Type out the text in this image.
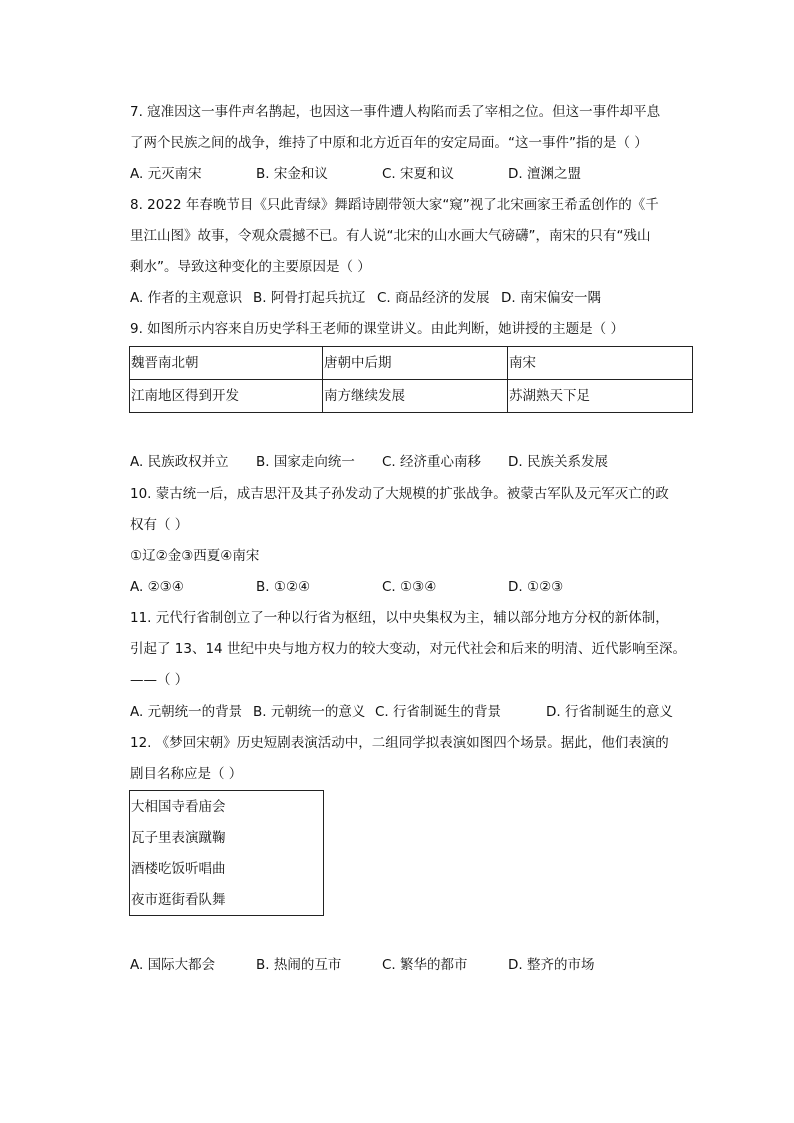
7. 寇准因这一事件声名鹊起，也因这一事件遭人构陷而丢了宰相之位。但这一事件却平息
了两个民族之间的战争，维持了中原和北方近百年的安定局面。“这一事件”指的是（ ）
A. 元灭南宋	B. 宋金和议	C. 宋夏和议	D. 澶渊之盟
8. 2022 年春晚节目《只此青绿》舞蹈诗剧带领大家“窥”视了北宋画家王希孟创作的《千
里江山图》故事，令观众震撼不已。有人说“北宋的山水画大气磅礴”，南宋的只有“残山
剩水”。导致这种变化的主要原因是（ ）
A. 作者的主观意识 B. 阿骨打起兵抗辽 C. 商品经济的发展 D. 南宋偏安一隅
9. 如图所示内容来自历史学科王老师的课堂讲义。由此判断，她讲授的主题是（ ）
魏晋南北朝	唐朝中后期	南宋
江南地区得到开发	南方继续发展	苏湖熟天下足
A. 民族政权并立 B. 国家走向统一 C. 经济重心南移 D. 民族关系发展
10. 蒙古统一后，成吉思汗及其子孙发动了大规模的扩张战争。被蒙古军队及元军灭亡的政
权有（ ）
①辽②金③西夏④南宋
A. ②③④	B. ①②④	C. ①③④	D. ①②③
11. 元代行省制创立了一种以行省为枢纽，以中央集权为主，辅以部分地方分权的新体制，
引起了 13、14 世纪中央与地方权力的较大变动，对元代社会和后来的明清、近代影响至深。
——（ ）
A. 元朝统一的背景 B. 元朝统一的意义 C. 行省制诞生的背景	D. 行省制诞生的意义
12. 《梦回宋朝》历史短剧表演活动中，二组同学拟表演如图四个场景。据此，他们表演的
剧目名称应是（ ）
大相国寺看庙会
瓦子里表演蹴鞠
酒楼吃饭听唱曲
夜市逛街看队舞
A. 国际大都会	B. 热闹的互市	C. 繁华的都市	D. 整齐的市场
